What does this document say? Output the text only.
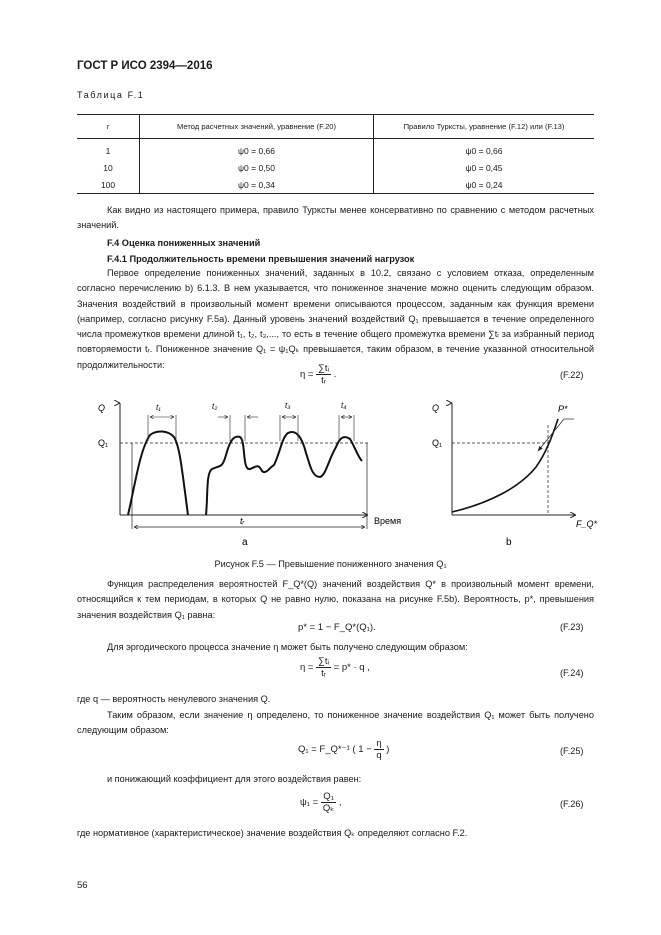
ГОСТ Р ИСО 2394—2016
Таблица F.1
r	Метод расчетных значений, уравнение (F.20)	Правило Турксты, уравнение (F.12) или (F.13)
1	ψ0 = 0,66	ψ0 = 0,66
10	ψ0 = 0,50	ψ0 = 0,45
100	ψ0 = 0,34	ψ0 = 0,24
Как видно из настоящего примера, правило Турксты менее консервативно по сравнению с методом расчетных значений.
F.4 Оценка пониженных значений
F.4.1 Продолжительность времени превышения значений нагрузок
Первое определение пониженных значений, заданных в 10.2, связано с условием отказа, определенным согласно перечислению b) 6.1.3. В нем указывается, что пониженное значение можно оценить следующим образом. Значения воздействий в произвольный момент времени описываются процессом, заданным как функция времени (например, согласно рисунку F.5а). Данный уровень значений воздействий Q₁ превышается в течение определенного числа промежутков времени длиной t₁, t₂, t₃,..., то есть в течение общего промежутка времени ∑tᵢ за избранный период повторяемости tᵣ. Пониженное значение Q₁ = ψ₁Qₖ превышается, таким образом, в течение указанной относительной продолжительности:
$\eta = \frac{\text{∑tᵢ}}{\text{tᵣ}}$ .	(F.22)
Q
Q₁
tᵣ	Время
a
t₁	t₂	t₃	t₄	Q
Q₁
P*
F_Q*
b
Рисунок F.5 — Превышение пониженного значения Q₁
Функция распределения вероятностей F_Q*(Q) значений воздействия Q* в произвольный момент времени, относящийся к тем периодам, в которых Q не равно нулю, показана на рисунке F.5b). Вероятность, p*, превышения значения воздействия Q₁ равна:
p* = 1 − F_Q*(Q₁).	(F.23)
Для эргодического процесса значение η может быть получено следующим образом:
$\eta = \frac{\text{∑tᵢ}}{\text{tᵣ}} = p* \cdot q$ ,	(F.24)
где q — вероятность ненулевого значения Q.
Таким образом, если значение η определено, то пониженное значение воздействия Q₁ может быть получено следующим образом:
Q₁ = F_Q*⁻¹ ( $1 - \frac{\eta}{q}$ )	(F.25)
и понижающий коэффициент для этого воздействия равен:
$\psi_1 = \frac{\text{Q₁}}{\text{Qₖ}}$ ,	(F.26)
где нормативное (характеристическое) значение воздействия Qₖ определяют согласно F.2.
56
